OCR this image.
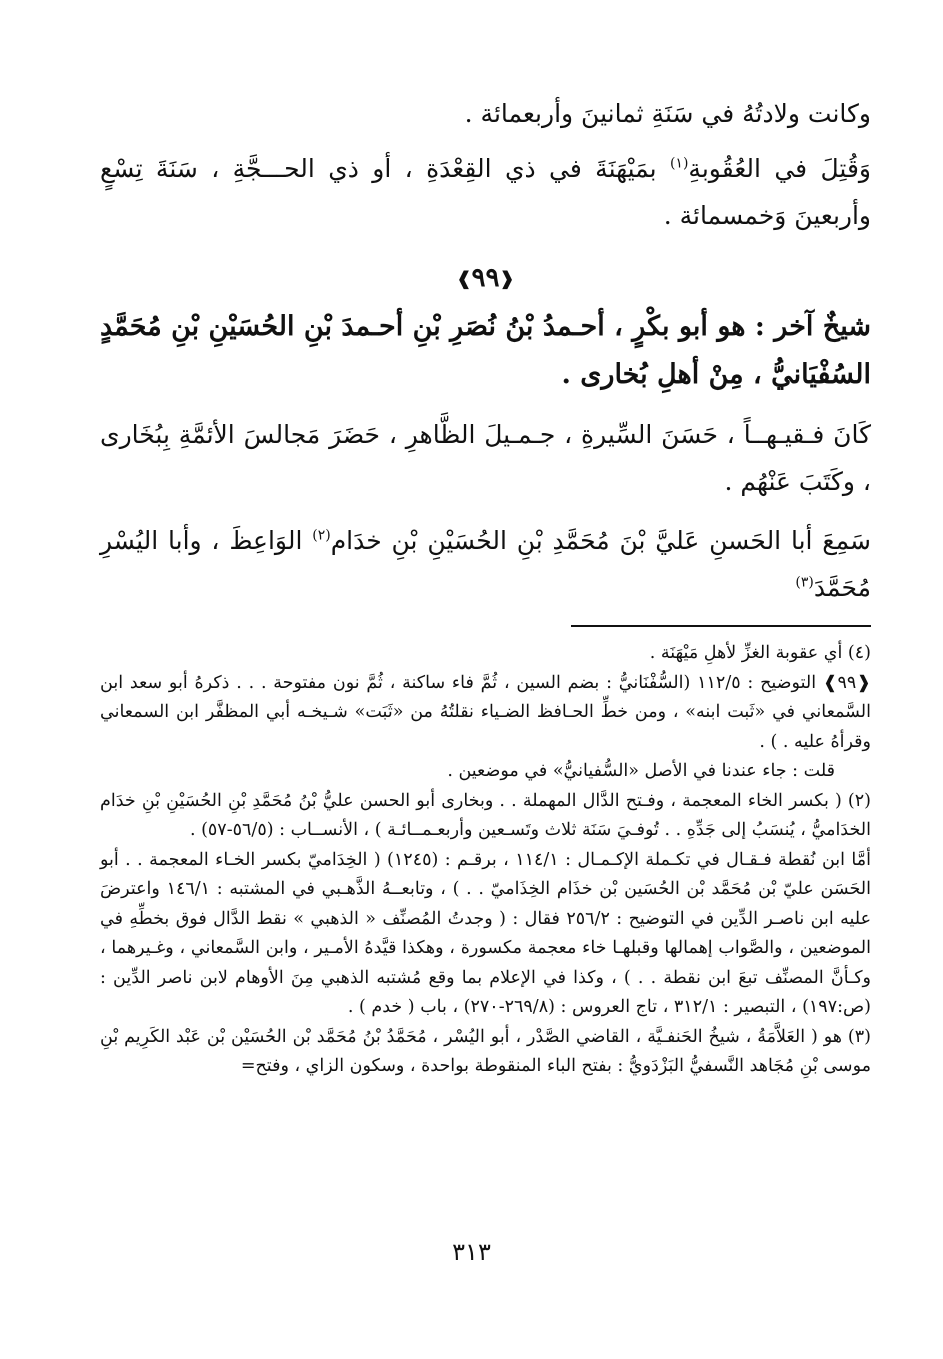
وكانت ولادتُهُ في سَنَةِ ثمانينَ وأربعمائة .

وَقُتِلَ في العُقُوبةِ$^{(١)}$ بمَيْهَنَةَ في ذي القِعْدَةِ ، أو ذي الحـــجَّةِ ، سَنَةَ تِسْعٍ وأربعينَ وَخمسمائة .

❰٩٩❱

شيخٌ آخر : هو أبو بكْرٍ ، أحـمدُ بْنُ نُصَرِ بْنِ أحـمدَ بْنِ الحُسَيْنِ بْنِ مُحَمَّدٍ السُفْيَانيُّ ، مِنْ أهلِ بُخارى .

كَانَ فـقيـهــاً ، حَسَنَ السِّيرةِ ، جـمـيلَ الظَّاهرِ ، حَضَرَ مَجالسَ الأئمَّةِ بِبُخَارى ، وكَتَبَ عَنْهُم .

سَمِعَ أبا الحَسنِ عَليَّ بْنَ مُحَمَّدِ بْنِ الحُسَيْنِ بْنِ خدَام$^{(٢)}$ الوَاعِظَ ، وأبا اليُسْرِ مُحَمَّدَ$^{(٣)}$

(٤) أي عقوبة الغزِّ لأهلِ مَيْهَنَة .

❰٩٩❱ التوضيح : ١١٢/٥ (السُّفْنَانيُّ : بضم السين ، ثُمَّ فاء ساكنة ، ثُمَّ نون مفتوحة . . . ذكرهُ أبو سعد ابن السَّمعاني في «ثَبت ابنه» ، ومن خطِّ الحـافظ الضـياء نقلتُهُ من «ثَبَت» شـيخـه أبي المظفَّر ابن السمعاني وقرأهُ عليه . ) .

قلت : جاء عندنا في الأصل «السُّفيانيُّ» في موضعين .

(٢) ( بكسر الخاء المعجمة ، وفـتح الدَّال المهملة . . وبخارى أبو الحسن عليُّ بْنُ مُحَمَّدِ بْنِ الحُسَيْنِ بْنِ خدَام الخدَاميُّ ، يُنسَبُ إلى جَدِّهِ . . تُوفـيَ سَنَة ثلاث وتَسـعين وأربعـمــائـة ) ، الأنســاب : (٥٦/٥-٥٧) .

أمَّا ابن نُقطة فـقـال في تكـملة الإكـمـال : ١١٤/١ ، برقـم : (١٢٤٥) ( الخِدَاميّ بكسر الخـاء المعجمة . . أبو الحَسَن عليّ بْن مُحَمَّد بْن الحُسَين بْن خذَام الخِذَاميّ . . ) ، وتابعــهُ الذَّهـبي في المشتبه : ١٤٦/١ واعترضَ عليه ابن ناصـر الدِّين في التوضيح : ٢٥٦/٢ فقال : ( وجدتُ المُصنِّف « الذهبي » نقط الدَّال فوق بخطِّهِ في الموضعين ، والصَّواب إهمالها وقبلهـا خاء معجمة مكسورة ، وهكذا قيَّدهُ الأمـير ، وابن السَّمعاني ، وغـيرهما ، وكـأنَّ المصنِّف تبعَ ابن نقطة . . ) ، وكذا في الإعلام بما وقع مُشتبه الذهبي مِنَ الأوهام لابن ناصر الدِّين : (ص:١٩٧) ، التبصير : ٣١٢/١ ، تاج العروس : (٢٦٩/٨-٢٧٠) ، باب ( خدم ) .

(٣) هو ( العَلاَّمَةُ ، شيخُ الحَنفـيَّة ، القاضي الصَّدْر ، أبو اليُسْر ، مُحَمَّدُ بْنُ مُحَمَّد بْن الحُسَيْن بْن عَبْد الكَرِيم بْنِ موسى بْنِ مُجَاهد النَّسفيُّ البَزْدَويُّ : بفتح الباء المنقوطة بواحدة ، وسكون الزاي ، وفتح=

٣١٣
